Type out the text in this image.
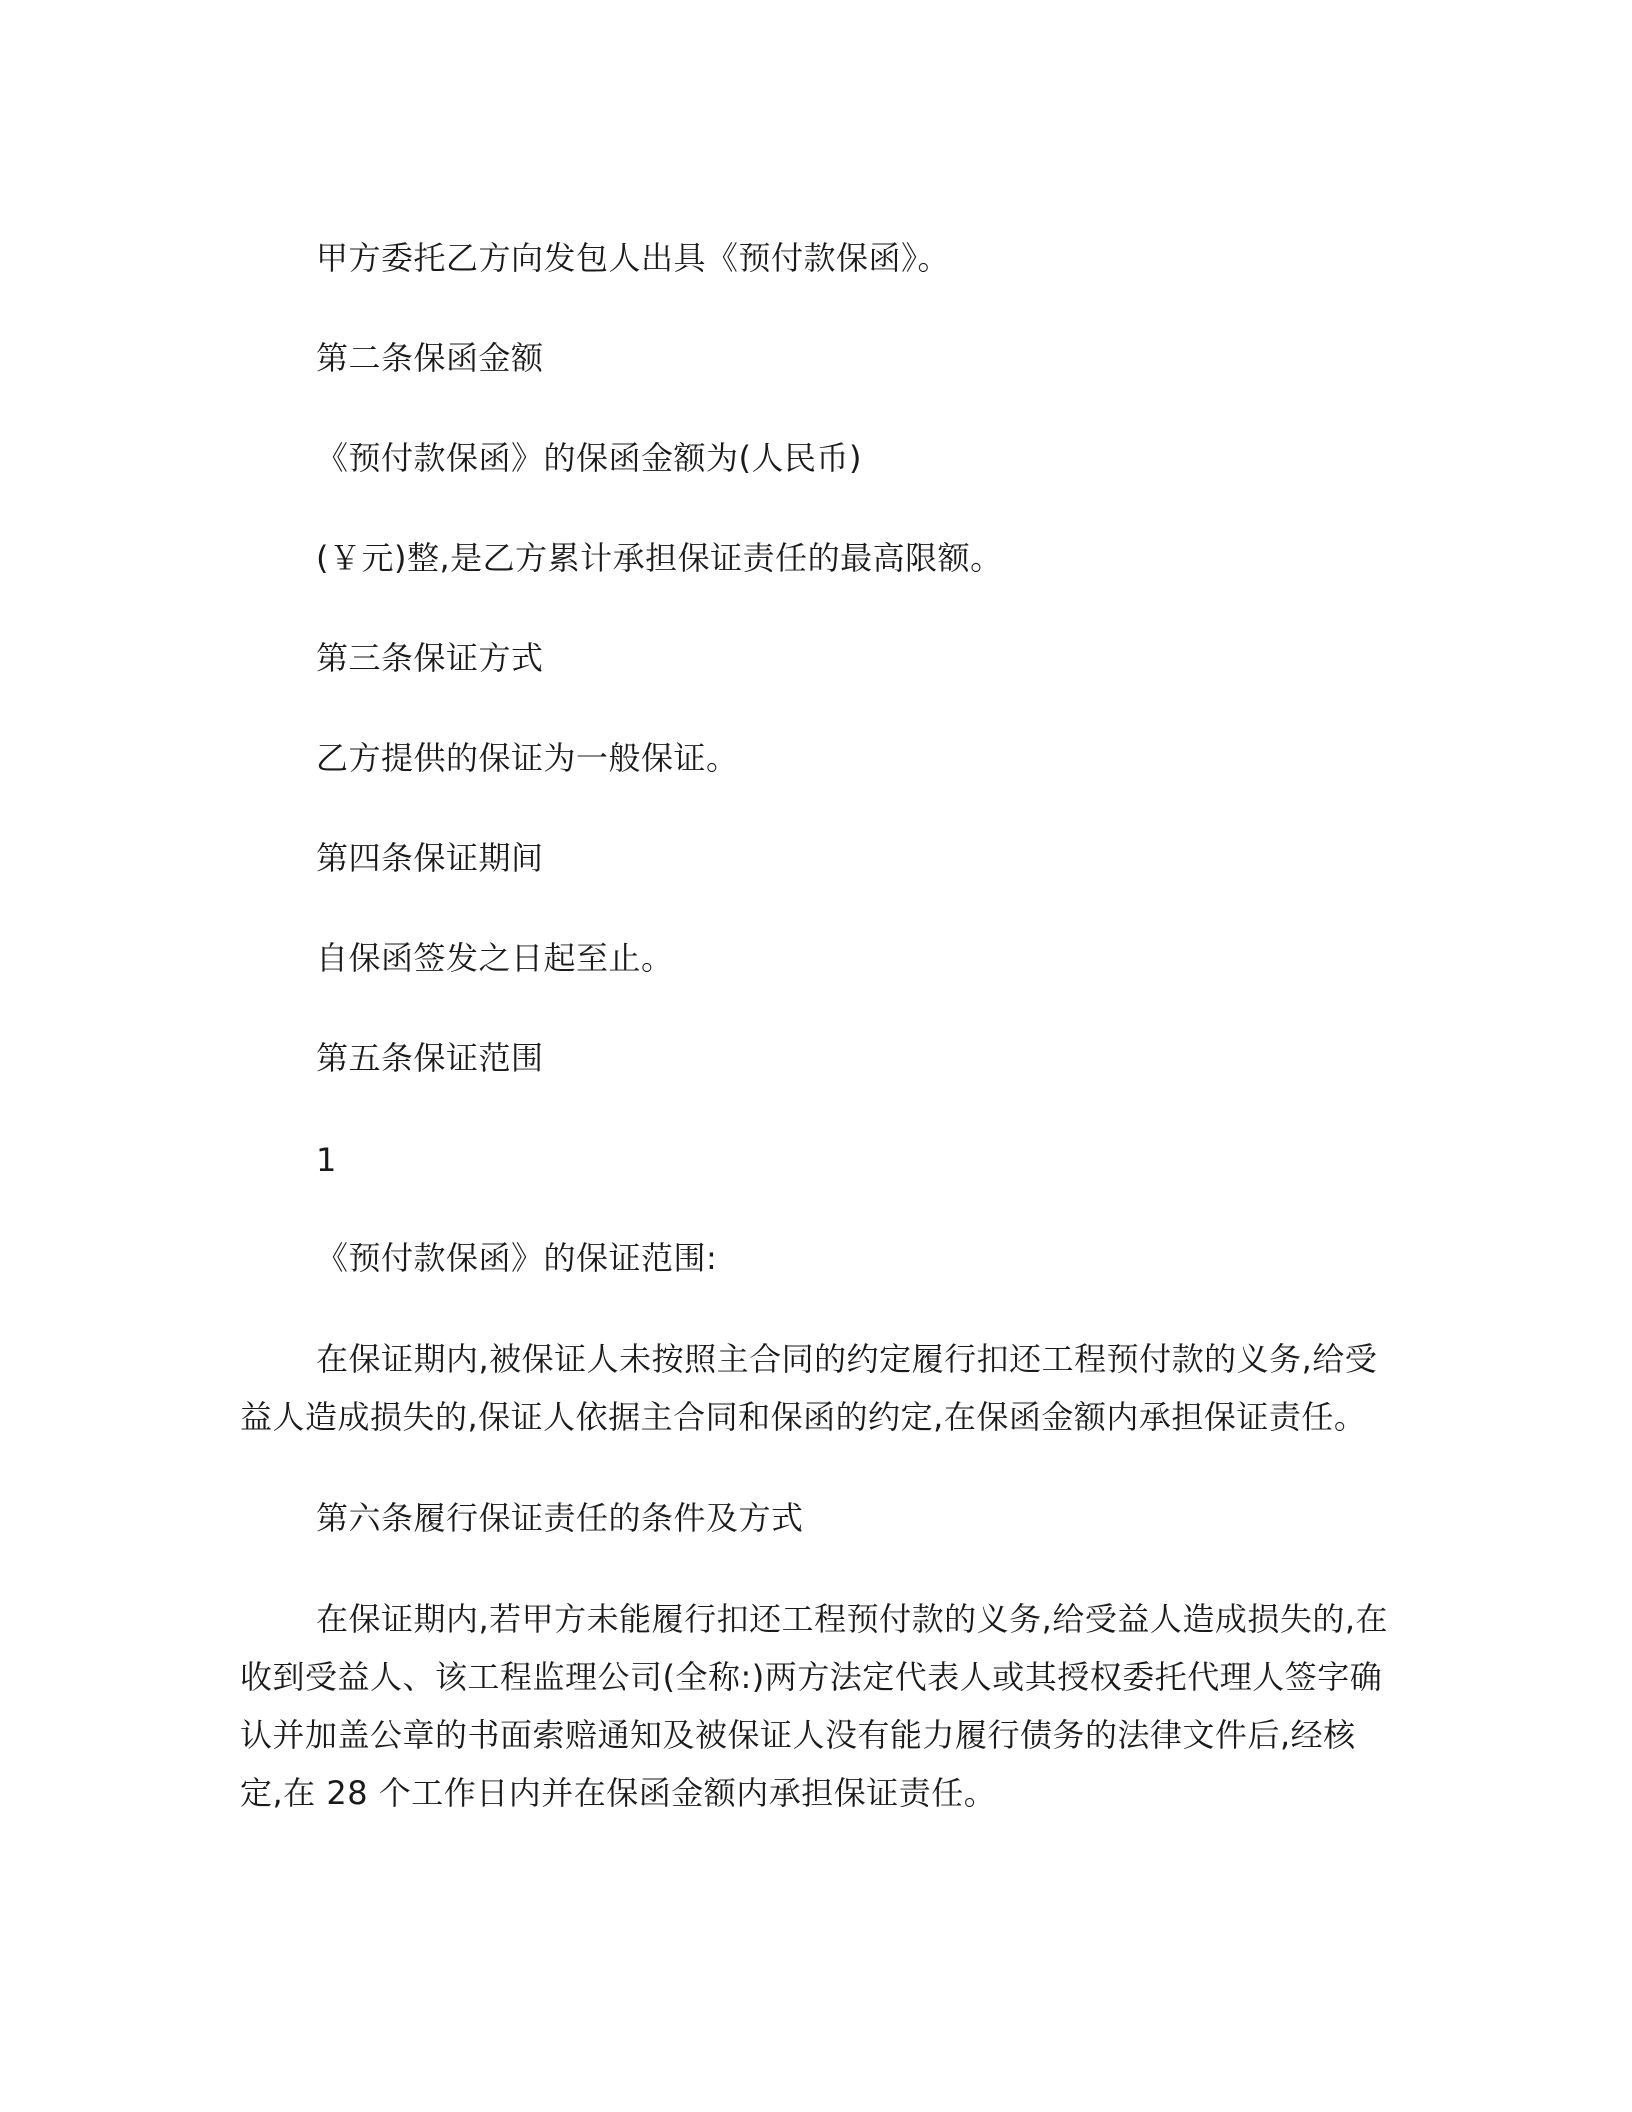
甲方委托乙方向发包人出具《预付款保函》。
第二条保函金额
《预付款保函》的保函金额为(人民币)
(￥元)整,是乙方累计承担保证责任的最高限额。
第三条保证方式
乙方提供的保证为一般保证。
第四条保证期间
自保函签发之日起至止。
第五条保证范围
1
《预付款保函》的保证范围:
在保证期内,被保证人未按照主合同的约定履行扣还工程预付款的义务,给受益人造成损失的,保证人依据主合同和保函的约定,在保函金额内承担保证责任。
第六条履行保证责任的条件及方式
在保证期内,若甲方未能履行扣还工程预付款的义务,给受益人造成损失的,在收到受益人、该工程监理公司(全称:)两方法定代表人或其授权委托代理人签字确认并加盖公章的书面索赔通知及被保证人没有能力履行债务的法律文件后,经核定,在 28 个工作日内并在保函金额内承担保证责任。
